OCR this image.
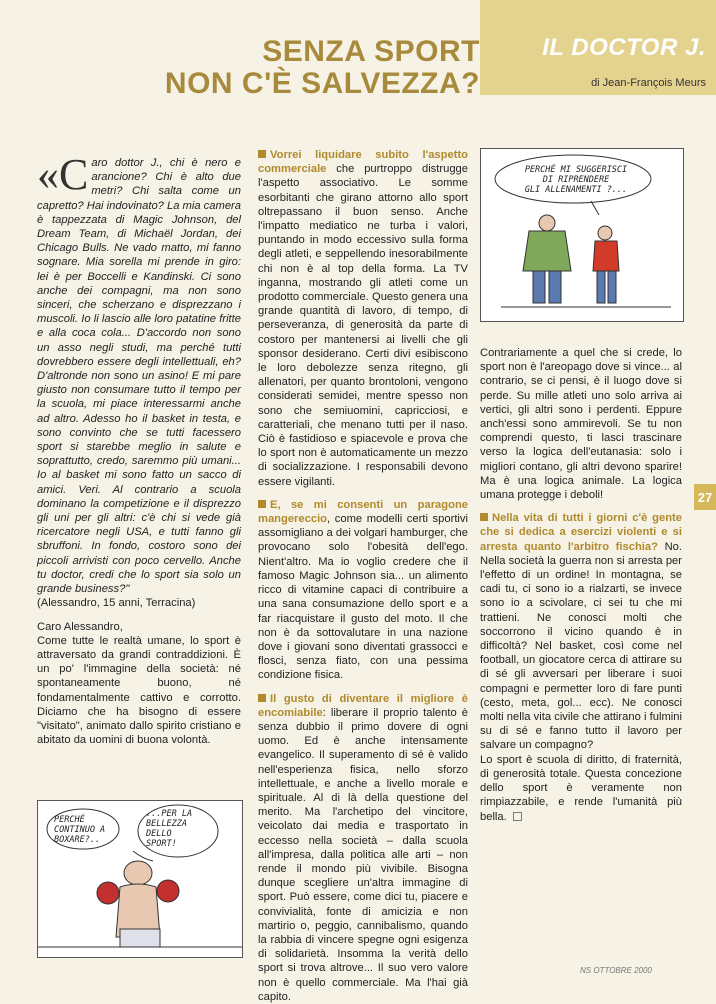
SENZA SPORT
NON C'È SALVEZZA?
IL DOCTOR J.
di Jean-François Meurs

«Caro dottor J., chi è nero e arancione? Chi è alto due metri? Chi salta come un capretto? Hai indovinato? La mia camera è tappezzata di Magic Johnson, del Dream Team, di Michaël Jordan, dei Chicago Bulls. Ne vado matto, mi fanno sognare. Mia sorella mi prende in giro: lei è per Boccelli e Kandinski. Ci sono anche dei compagni, ma non sono sinceri, che scherzano e disprezzano i muscoli. Io li lascio alle loro patatine fritte e alla coca cola... D'accordo non sono un asso negli studi, ma perché tutti dovrebbero essere degli intellettuali, eh? D'altronde non sono un asino! E mi pare giusto non consumare tutto il tempo per la scuola, mi piace interessarmi anche ad altro. Adesso ho il basket in testa, e sono convinto che se tutti facessero sport si starebbe meglio in salute e soprattutto, credo, saremmo più umani... Io al basket mi sono fatto un sacco di amici. Veri. Al contrario a scuola dominano la competizione e il disprezzo gli uni per gli altri: c'è chi si vede già ricercatore negli USA, e tutti fanno gli sbruffoni. In fondo, costoro sono dei piccoli arrivisti con poco cervello. Anche tu doctor, credi che lo sport sia solo un grande business?"

(Alessandro, 15 anni, Terracina)

Caro Alessandro,

Come tutte le realtà umane, lo sport è attraversato da grandi contraddizioni. È un po' l'immagine della società: né spontaneamente buono, né fondamentalmente cattivo e corrotto. Diciamo che ha bisogno di essere "visitato", animato dallo spirito cristiano e abitato da uomini di buona volontà.

PERCHÉ
CONTINUO A
BOXARE?..
...PER LA
BELLEZZA
DELLO
SPORT!

Vorrei liquidare subito l'aspetto commerciale che purtroppo distrugge l'aspetto associativo. Le somme esorbitanti che girano attorno allo sport oltrepassano il buon senso. Anche l'impatto mediatico ne turba i valori, puntando in modo eccessivo sulla forma degli atleti, e seppellendo inesorabilmente chi non è al top della forma. La TV inganna, mostrando gli atleti come un prodotto commerciale. Questo genera una grande quantità di lavoro, di tempo, di perseveranza, di generosità da parte di costoro per mantenersi ai livelli che gli sponsor desiderano. Certi divi esibiscono le loro debolezze senza ritegno, gli allenatori, per quanto brontoloni, vengono considerati semidei, mentre spesso non sono che semiuomini, capricciosi, e caratteriali, che menano tutti per il naso. Ciò è fastidioso e spiacevole e prova che lo sport non è automaticamente un mezzo di socializzazione. I responsabili devono essere vigilanti.

E, se mi consenti un paragone mangereccio, come modelli certi sportivi assomigliano a dei volgari hamburger, che provocano solo l'obesità dell'ego. Nient'altro. Ma io voglio credere che il famoso Magic Johnson sia... un alimento ricco di vitamine capaci di contribuire a una sana consumazione dello sport e a far riacquistare il gusto del moto. Il che non è da sottovalutare in una nazione dove i giovani sono diventati grassocci e flosci, senza fiato, con una pessima condizione fisica.

Il gusto di diventare il migliore è encomiabile: liberare il proprio talento è senza dubbio il primo dovere di ogni uomo. Ed è anche intensamente evangelico. Il superamento di sé è valido nell'esperienza fisica, nello sforzo intellettuale, e anche a livello morale e spirituale. Al di là della questione del merito. Ma l'archetipo del vincitore, veicolato dai media e trasportato in eccesso nella società – dalla scuola all'impresa, dalla politica alle arti – non rende il mondo più vivibile. Bisogna dunque scegliere un'altra immagine di sport. Può essere, come dici tu, piacere e convivialità, fonte di amicizia e non martirio o, peggio, cannibalismo, quando la rabbia di vincere spegne ogni esigenza di solidarietà. Insomma la verità dello sport si trova altrove... Il suo vero valore non è quello commerciale. Ma l'hai già capito.

PERCHÉ MI SUGGERISCI
DI RIPRENDERE
GLI ALLENAMENTI ?...

Contrariamente a quel che si crede, lo sport non è l'areopago dove si vince... al contrario, se ci pensi, è il luogo dove si perde. Su mille atleti uno solo arriva ai vertici, gli altri sono i perdenti. Eppure anch'essi sono ammirevoli. Se tu non comprendi questo, ti lasci trascinare verso la logica dell'eutanasia: solo i migliori contano, gli altri devono sparire! Ma è una logica animale. La logica umana protegge i deboli!

Nella vita di tutti i giorni c'è gente che si dedica a esercizi violenti e si arresta quanto l'arbitro fischia? No. Nella società la guerra non si arresta per l'effetto di un ordine! In montagna, se cadi tu, ci sono io a rialzarti, se invece sono io a scivolare, ci sei tu che mi trattieni. Ne conosci molti che soccorrono il vicino quando è in difficoltà? Nel basket, così come nel football, un giocatore cerca di attirare su di sé gli avversari per liberare i suoi compagni e permetter loro di fare punti (cesto, meta, gol... ecc). Ne conosci molti nella vita civile che attirano i fulmini su di sé e fanno tutto il lavoro per salvare un compagno?

Lo sport è scuola di diritto, di fraternità, di generosità totale. Questa concezione dello sport è veramente non rimpiazzabile, e rende l'umanità più bella.

27
NS OTTOBRE 2000
